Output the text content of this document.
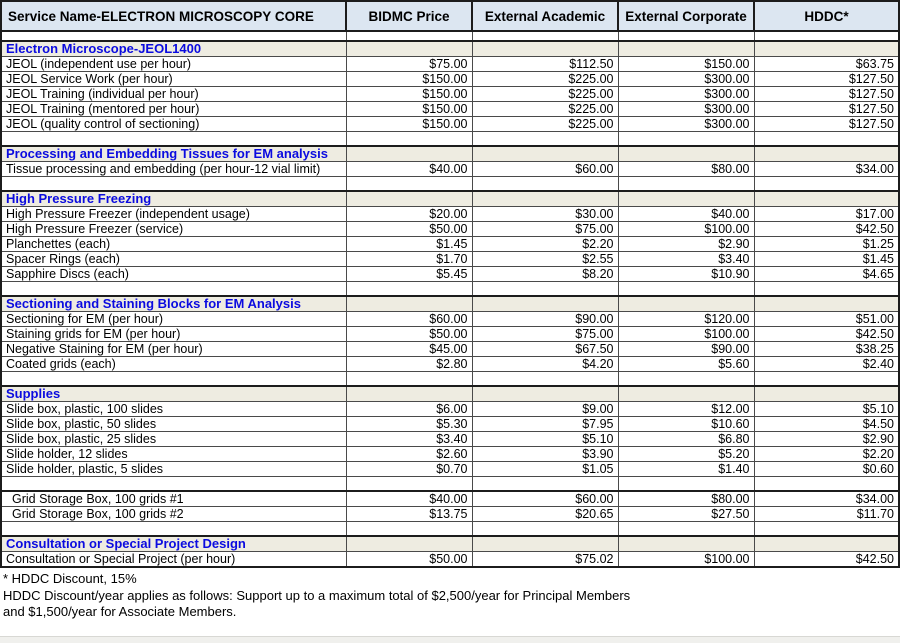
Service Name-ELECTRON MICROSCOPY CORE	BIDMC Price	External Academic	External Corporate	HDDC*

Electron Microscope-JEOL1400				
JEOL (independent use per hour)	$75.00	$112.50	$150.00	$63.75
JEOL Service Work (per hour)	$150.00	$225.00	$300.00	$127.50
JEOL Training (individual per hour)	$150.00	$225.00	$300.00	$127.50
JEOL Training (mentored per hour)	$150.00	$225.00	$300.00	$127.50
JEOL (quality control of sectioning)	$150.00	$225.00	$300.00	$127.50

Processing and Embedding Tissues for EM analysis				
Tissue processing and embedding (per hour-12 vial limit)	$40.00	$60.00	$80.00	$34.00

High Pressure Freezing				
High Pressure Freezer (independent usage)	$20.00	$30.00	$40.00	$17.00
High Pressure Freezer (service)	$50.00	$75.00	$100.00	$42.50
Planchettes (each)	$1.45	$2.20	$2.90	$1.25
Spacer Rings (each)	$1.70	$2.55	$3.40	$1.45
Sapphire Discs (each)	$5.45	$8.20	$10.90	$4.65

Sectioning and Staining Blocks for EM Analysis				
Sectioning for EM (per hour)	$60.00	$90.00	$120.00	$51.00
Staining grids for EM (per hour)	$50.00	$75.00	$100.00	$42.50
Negative Staining for EM (per hour)	$45.00	$67.50	$90.00	$38.25
Coated grids (each)	$2.80	$4.20	$5.60	$2.40

Supplies				
Slide box, plastic, 100 slides	$6.00	$9.00	$12.00	$5.10
Slide box, plastic, 50 slides	$5.30	$7.95	$10.60	$4.50
Slide box, plastic, 25 slides	$3.40	$5.10	$6.80	$2.90
Slide holder, 12 slides	$2.60	$3.90	$5.20	$2.20
Slide holder, plastic, 5 slides	$0.70	$1.05	$1.40	$0.60

Grid Storage Box, 100 grids #1	$40.00	$60.00	$80.00	$34.00
Grid Storage Box, 100 grids #2	$13.75	$20.65	$27.50	$11.70

Consultation or Special Project Design				
Consultation or Special Project (per hour)	$50.00	$75.02	$100.00	$42.50
* HDDC Discount, 15%
HDDC Discount/year applies as follows: Support up to a maximum total of $2,500/year for Principal Members
and $1,500/year for Associate Members.
